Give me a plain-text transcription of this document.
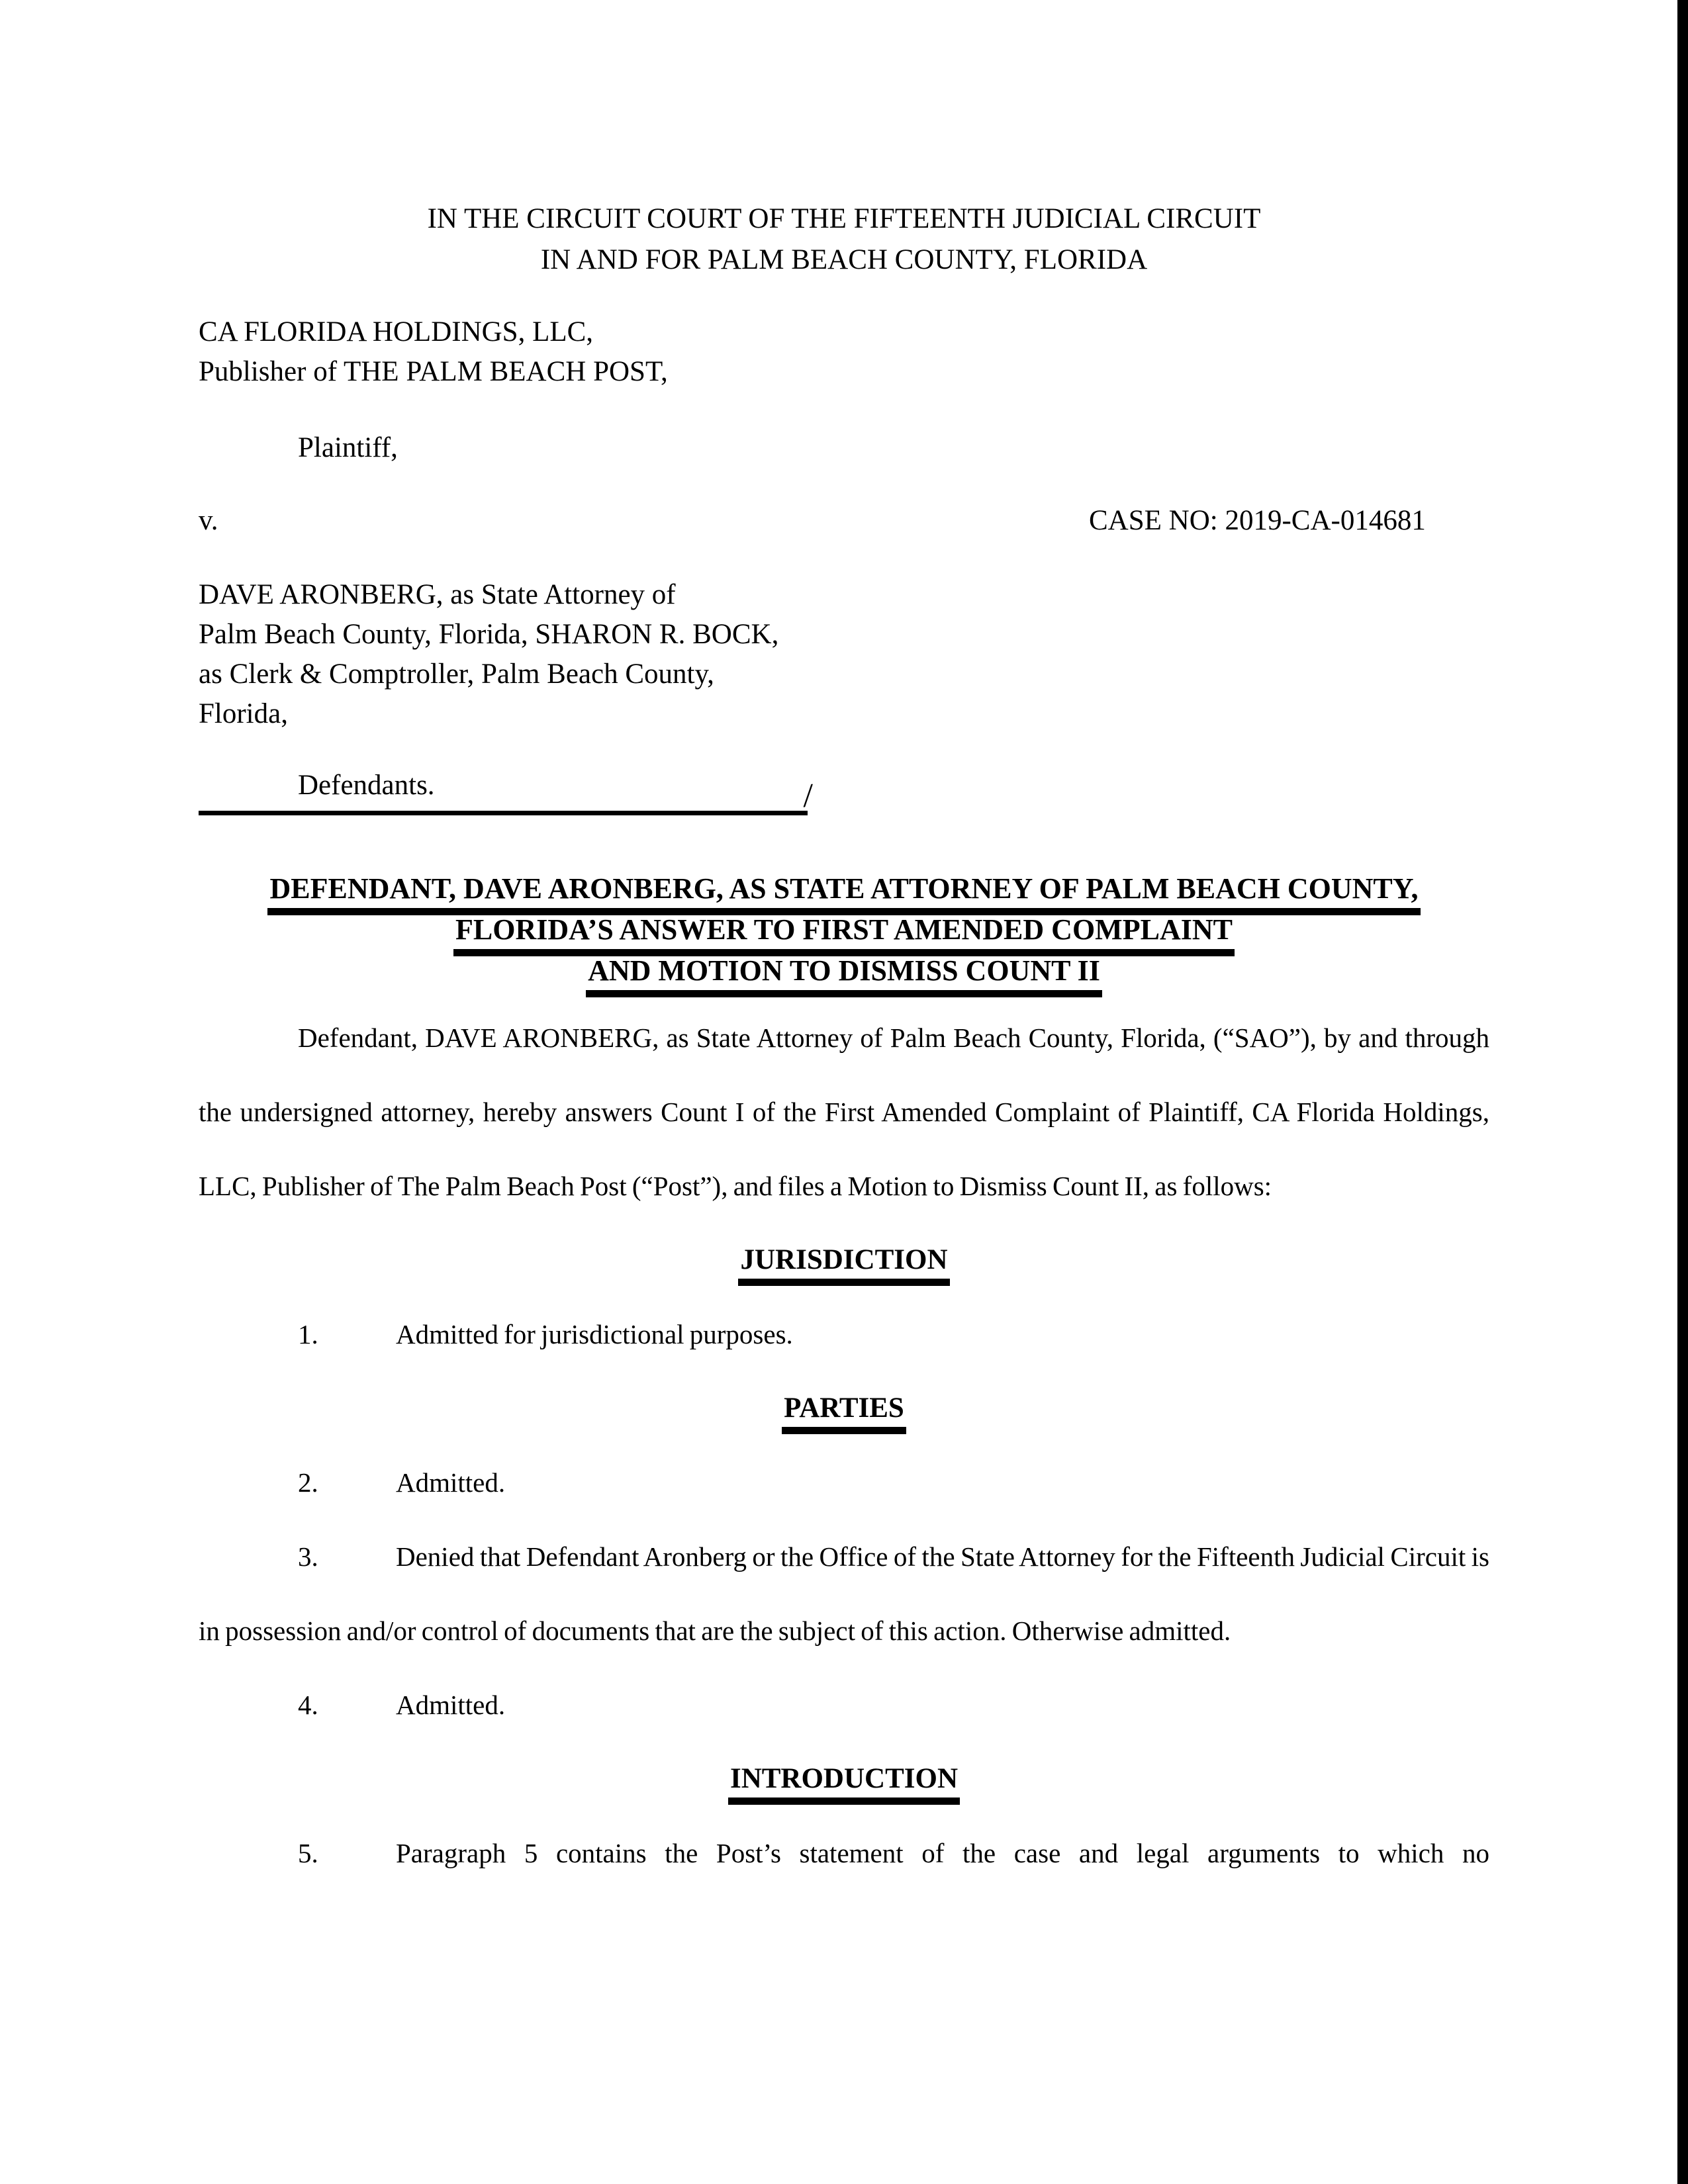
IN THE CIRCUIT COURT OF THE FIFTEENTH JUDICIAL CIRCUIT
IN AND FOR PALM BEACH COUNTY, FLORIDA
CA FLORIDA HOLDINGS, LLC,
Publisher of THE PALM BEACH POST,
Plaintiff,
v.	CASE NO: 2019-CA-014681
DAVE ARONBERG, as State Attorney of
Palm Beach County, Florida, SHARON R. BOCK,
as Clerk & Comptroller, Palm Beach County,
Florida,
Defendants.	/
DEFENDANT, DAVE ARONBERG, AS STATE ATTORNEY OF PALM BEACH COUNTY,
FLORIDA’S ANSWER TO FIRST AMENDED COMPLAINT
AND MOTION TO DISMISS COUNT II

Defendant, DAVE ARONBERG, as State Attorney of Palm Beach County, Florida, (“SAO”), by and through the undersigned attorney, hereby answers Count I of the First Amended Complaint of Plaintiff, CA Florida Holdings, LLC, Publisher of The Palm Beach Post (“Post”), and files a Motion to Dismiss Count II, as follows:

JURISDICTION

1.	Admitted for jurisdictional purposes.

PARTIES

2.	Admitted.

3.	Denied that Defendant Aronberg or the Office of the State Attorney for the Fifteenth Judicial Circuit is in possession and/or control of documents that are the subject of this action. Otherwise admitted.

4.	Admitted.

INTRODUCTION

5.	Paragraph 5 contains the Post’s statement of the case and legal arguments to which no
